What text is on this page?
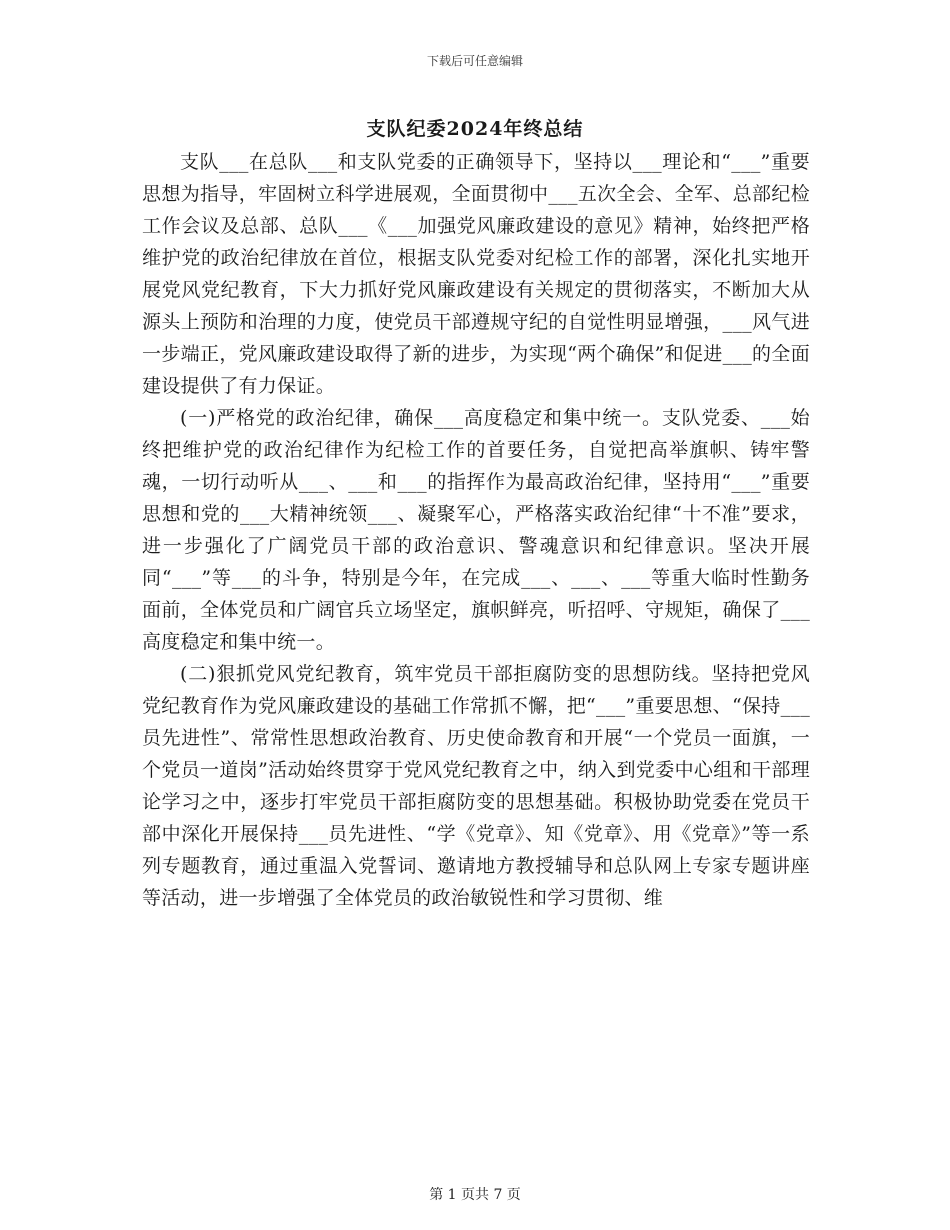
下载后可任意编辑
支队纪委2024年终总结

支队___在总队___和支队党委的正确领导下，坚持以___理论和“___”重要思想为指导，牢固树立科学进展观，全面贯彻中___五次全会、全军、总部纪检工作会议及总部、总队___《___加强党风廉政建设的意见》精神，始终把严格维护党的政治纪律放在首位，根据支队党委对纪检工作的部署，深化扎实地开展党风党纪教育，下大力抓好党风廉政建设有关规定的贯彻落实，不断加大从源头上预防和治理的力度，使党员干部遵规守纪的自觉性明显增强，___风气进一步端正，党风廉政建设取得了新的进步，为实现“两个确保”和促进___的全面建设提供了有力保证。

(一)严格党的政治纪律，确保___高度稳定和集中统一。支队党委、___始终把维护党的政治纪律作为纪检工作的首要任务，自觉把高举旗帜、铸牢警魂，一切行动听从___、___和___的指挥作为最高政治纪律，坚持用“___”重要思想和党的___大精神统领___、凝聚军心，严格落实政治纪律“十不准”要求，进一步强化了广阔党员干部的政治意识、警魂意识和纪律意识。坚决开展同“___”等___的斗争，特别是今年，在完成___、___、___等重大临时性勤务面前，全体党员和广阔官兵立场坚定，旗帜鲜亮，听招呼、守规矩，确保了___高度稳定和集中统一。

(二)狠抓党风党纪教育，筑牢党员干部拒腐防变的思想防线。坚持把党风党纪教育作为党风廉政建设的基础工作常抓不懈，把“___”重要思想、“保持___员先进性”、常常性思想政治教育、历史使命教育和开展“一个党员一面旗，一个党员一道岗”活动始终贯穿于党风党纪教育之中，纳入到党委中心组和干部理论学习之中，逐步打牢党员干部拒腐防变的思想基础。积极协助党委在党员干部中深化开展保持___员先进性、“学《党章》、知《党章》、用《党章》”等一系列专题教育，通过重温入党誓词、邀请地方教授辅导和总队网上专家专题讲座等活动，进一步增强了全体党员的政治敏锐性和学习贯彻、维

第 1 页共 7 页
